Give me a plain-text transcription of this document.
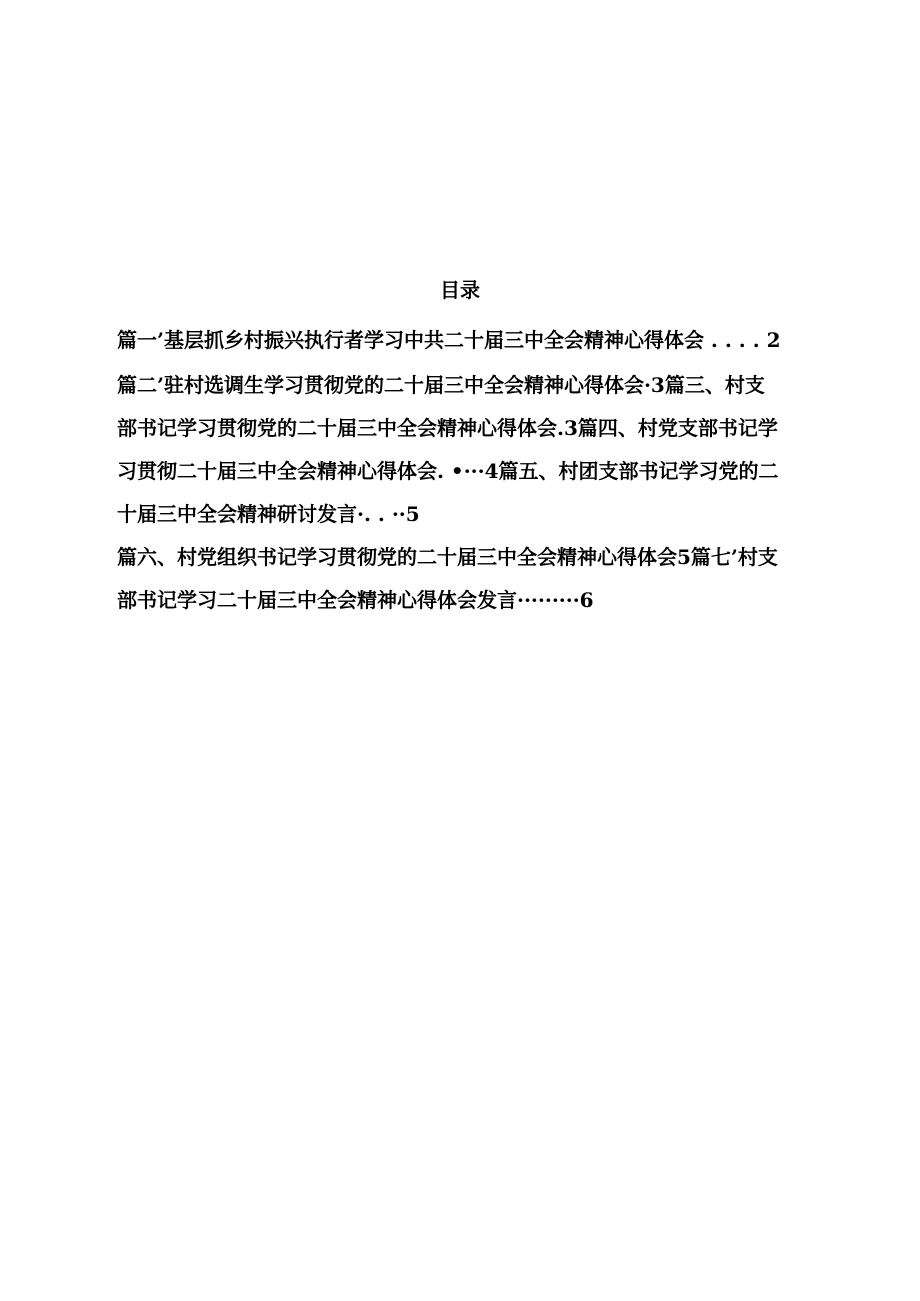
目录
篇一’基层抓乡村振兴执行者学习中共二十届三中全会精神心得体会 . . . . 2
篇二’驻村选调生学习贯彻党的二十届三中全会精神心得体会·3篇三、村支
部书记学习贯彻党的二十届三中全会精神心得体会.3篇四、村党支部书记学
习贯彻二十届三中全会精神心得体会. •···4篇五、村团支部书记学习党的二
十届三中全会精神研讨发言·. . ··5
篇六、村党组织书记学习贯彻党的二十届三中全会精神心得体会5篇七’村支
部书记学习二十届三中全会精神心得体会发言·········6
